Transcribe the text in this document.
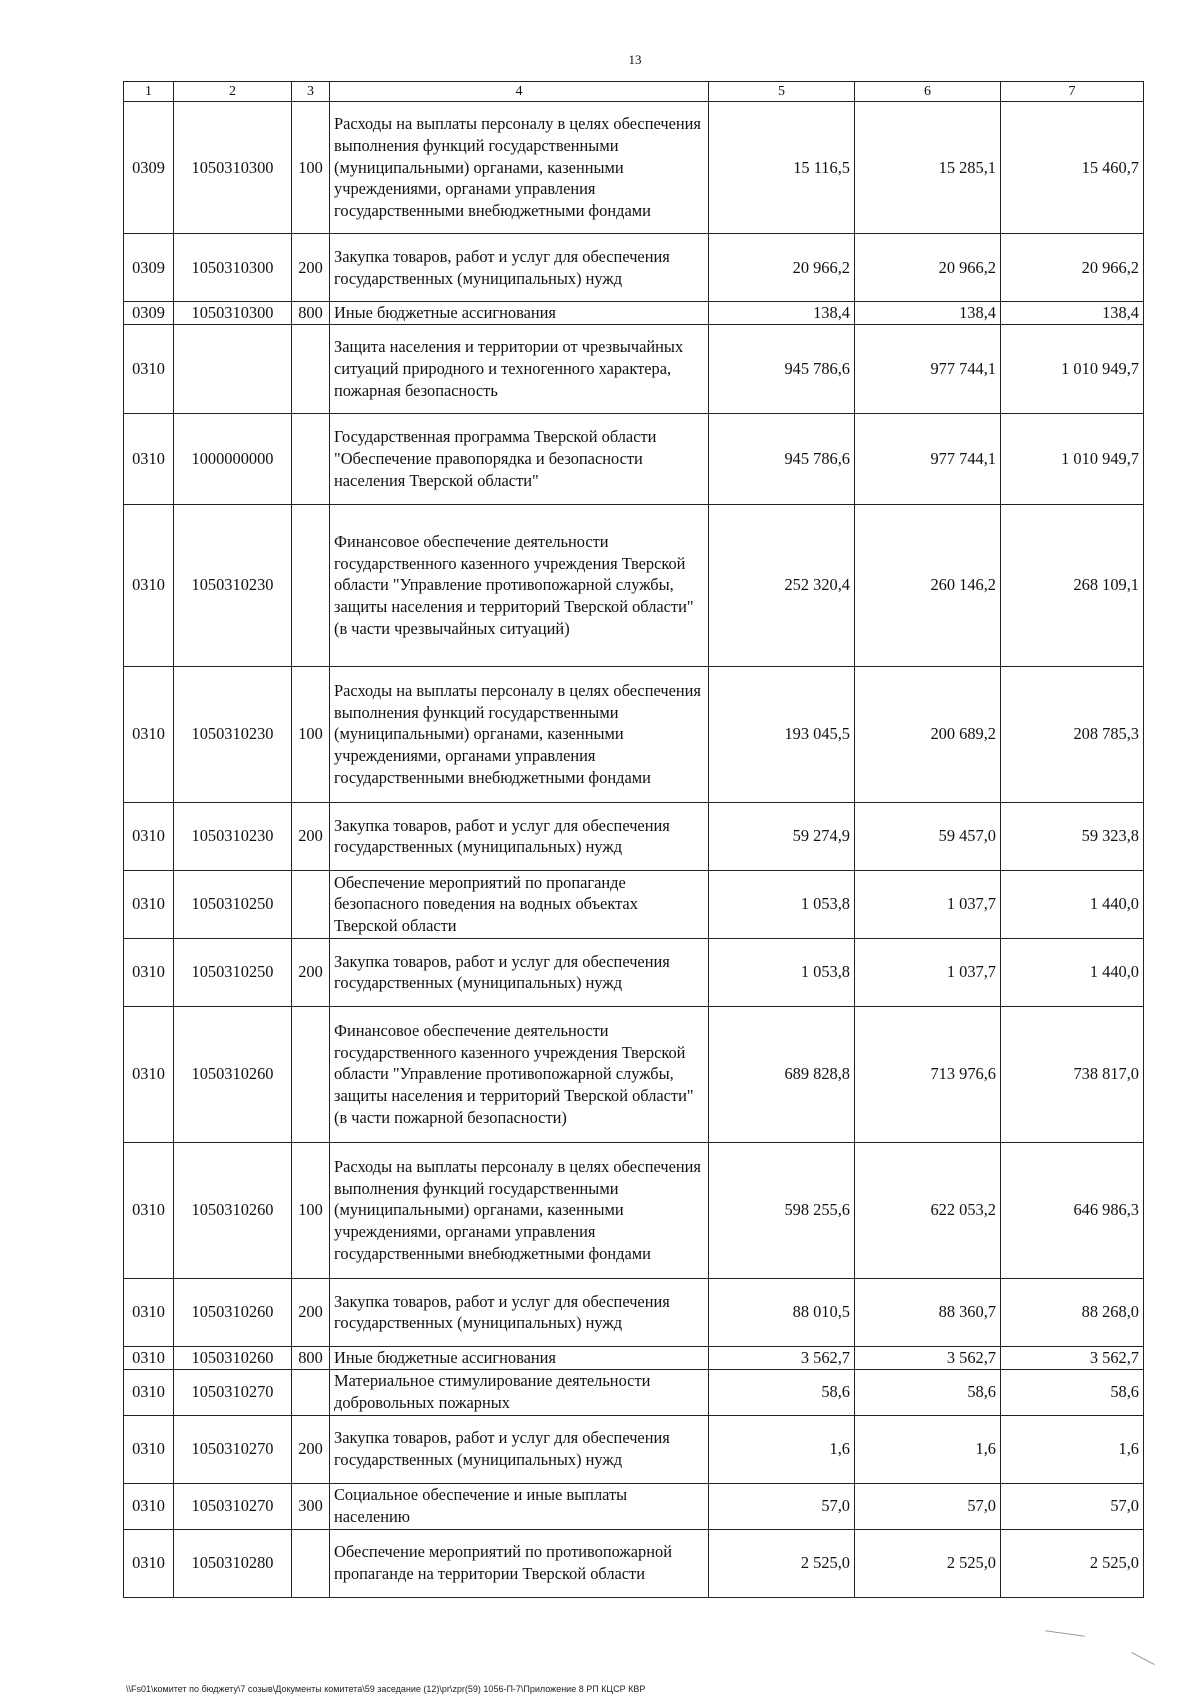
13
1	2	3	4	5	6	7
0309	1050310300	100	Расходы на выплаты персоналу в целях обеспечения выполнения функций государственными (муниципальными) органами, казенными учреждениями, органами управления государственными внебюджетными фондами	15 116,5	15 285,1	15 460,7
0309	1050310300	200	Закупка товаров, работ и услуг для обеспечения государственных (муниципальных) нужд	20 966,2	20 966,2	20 966,2
0309	1050310300	800	Иные бюджетные ассигнования	138,4	138,4	138,4
0310			Защита населения и территории от чрезвычайных ситуаций природного и техногенного характера, пожарная безопасность	945 786,6	977 744,1	1 010 949,7
0310	1000000000		Государственная программа Тверской области "Обеспечение правопорядка и безопасности населения Тверской области"	945 786,6	977 744,1	1 010 949,7
0310	1050310230		Финансовое обеспечение деятельности государственного казенного учреждения Тверской области "Управление противопожарной службы, защиты населения и территорий Тверской области" (в части чрезвычайных ситуаций)	252 320,4	260 146,2	268 109,1
0310	1050310230	100	Расходы на выплаты персоналу в целях обеспечения выполнения функций государственными (муниципальными) органами, казенными учреждениями, органами управления государственными внебюджетными фондами	193 045,5	200 689,2	208 785,3
0310	1050310230	200	Закупка товаров, работ и услуг для обеспечения государственных (муниципальных) нужд	59 274,9	59 457,0	59 323,8
0310	1050310250		Обеспечение мероприятий по пропаганде безопасного поведения на водных объектах Тверской области	1 053,8	1 037,7	1 440,0
0310	1050310250	200	Закупка товаров, работ и услуг для обеспечения государственных (муниципальных) нужд	1 053,8	1 037,7	1 440,0
0310	1050310260		Финансовое обеспечение деятельности государственного казенного учреждения Тверской области "Управление противопожарной службы, защиты населения и территорий Тверской области" (в части пожарной безопасности)	689 828,8	713 976,6	738 817,0
0310	1050310260	100	Расходы на выплаты персоналу в целях обеспечения выполнения функций государственными (муниципальными) органами, казенными учреждениями, органами управления государственными внебюджетными фондами	598 255,6	622 053,2	646 986,3
0310	1050310260	200	Закупка товаров, работ и услуг для обеспечения государственных (муниципальных) нужд	88 010,5	88 360,7	88 268,0
0310	1050310260	800	Иные бюджетные ассигнования	3 562,7	3 562,7	3 562,7
0310	1050310270		Материальное стимулирование деятельности добровольных пожарных	58,6	58,6	58,6
0310	1050310270	200	Закупка товаров, работ и услуг для обеспечения государственных (муниципальных) нужд	1,6	1,6	1,6
0310	1050310270	300	Социальное обеспечение и иные выплаты населению	57,0	57,0	57,0
0310	1050310280		Обеспечение мероприятий по противопожарной пропаганде на территории Тверской области	2 525,0	2 525,0	2 525,0
\\Fs01\комитет по бюджету\7 созыв\Документы комитета\59 заседание (12)\pr\zpr(59) 1056-П-7\Приложение 8 РП КЦСР КВР
